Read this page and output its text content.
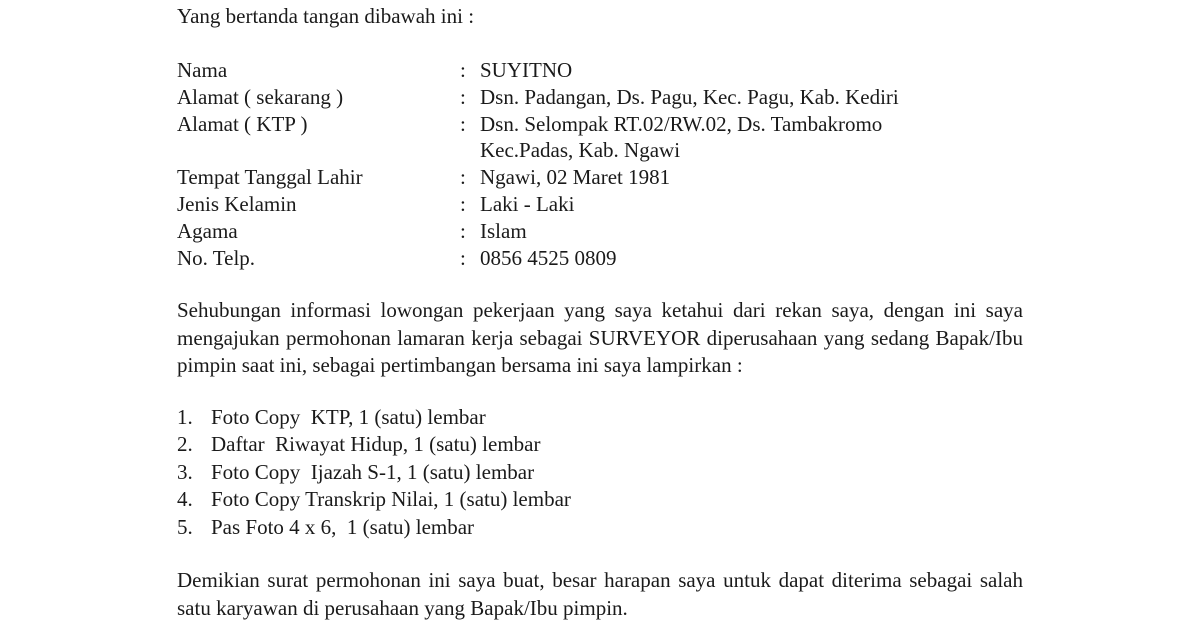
Yang bertanda tangan dibawah ini :
Nama	: SUYITNO
Alamat ( sekarang )	: Dsn. Padangan, Ds. Pagu, Kec. Pagu, Kab. Kediri
Alamat ( KTP )	: Dsn. Selompak RT.02/RW.02, Ds. Tambakromo
Kec.Padas, Kab. Ngawi
Tempat Tanggal Lahir	: Ngawi, 02 Maret 1981
Jenis Kelamin	: Laki - Laki
Agama	: Islam
No. Telp.	: 0856 4525 0809
Sehubungan informasi lowongan pekerjaan yang saya ketahui dari rekan saya, dengan ini saya mengajukan permohonan lamaran kerja sebagai SURVEYOR diperusahaan yang sedang Bapak/Ibu pimpin saat ini, sebagai pertimbangan bersama ini saya lampirkan :
1. Foto Copy  KTP, 1 (satu) lembar
2. Daftar  Riwayat Hidup, 1 (satu) lembar
3. Foto Copy  Ijazah S-1, 1 (satu) lembar
4. Foto Copy Transkrip Nilai, 1 (satu) lembar
5. Pas Foto 4 x 6,  1 (satu) lembar
Demikian surat permohonan ini saya buat, besar harapan saya untuk dapat diterima sebagai salah satu karyawan di perusahaan yang Bapak/Ibu pimpin.
